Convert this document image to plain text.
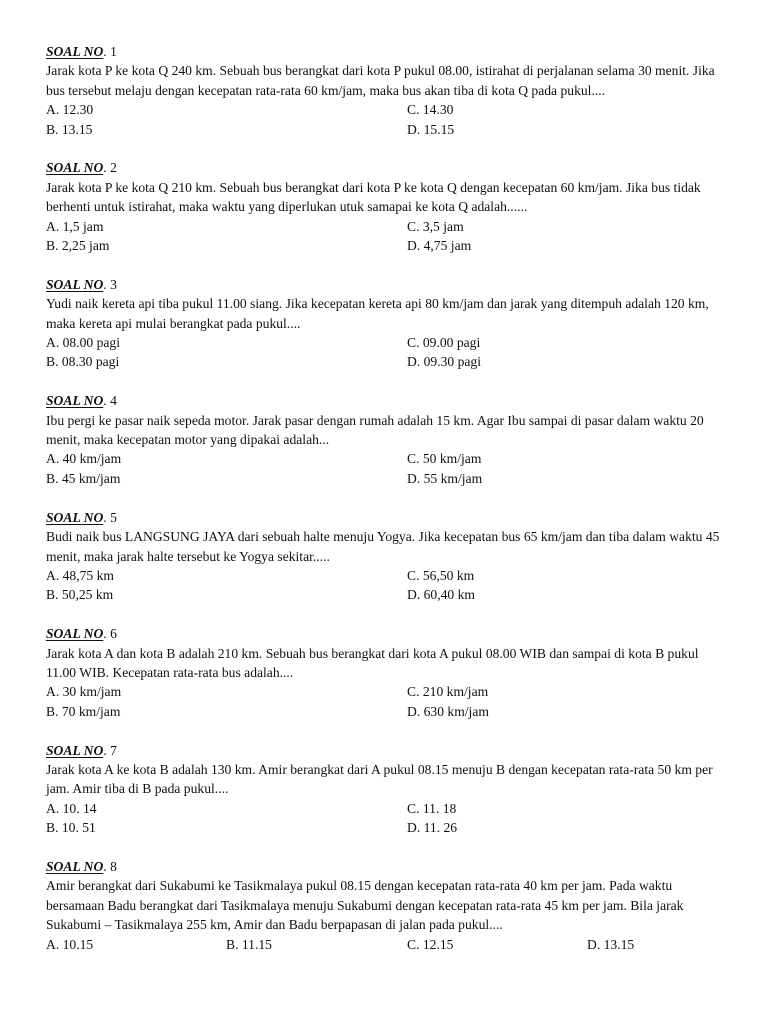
SOAL NO. 1

Jarak kota P ke kota Q 240 km. Sebuah bus berangkat dari kota P pukul 08.00, istirahat di perjalanan selama 30 menit. Jika bus tersebut melaju dengan kecepatan rata-rata 60 km/jam, maka bus akan tiba di kota Q pada pukul....

A. 12.30	C. 14.30
B. 13.15	D. 15.15
SOAL NO. 2

Jarak kota P ke kota Q 210 km. Sebuah bus berangkat dari kota P ke kota Q dengan kecepatan 60 km/jam. Jika bus tidak berhenti untuk istirahat, maka waktu yang diperlukan utuk samapai ke kota Q adalah......

A. 1,5 jam	C. 3,5 jam
B. 2,25 jam	D. 4,75 jam
SOAL NO. 3

Yudi naik kereta api tiba pukul 11.00 siang. Jika kecepatan kereta api 80 km/jam dan jarak yang ditempuh adalah 120 km, maka kereta api mulai berangkat pada pukul....

A. 08.00 pagi	C. 09.00 pagi
B. 08.30 pagi	D. 09.30 pagi
SOAL NO. 4

Ibu pergi ke pasar naik sepeda motor. Jarak pasar dengan rumah adalah 15 km. Agar Ibu sampai di pasar dalam waktu 20 menit, maka kecepatan motor yang dipakai adalah...

A. 40 km/jam	C. 50 km/jam
B. 45 km/jam	D. 55 km/jam
SOAL NO. 5

Budi naik bus LANGSUNG JAYA dari sebuah halte menuju Yogya. Jika kecepatan bus 65 km/jam dan tiba dalam waktu 45 menit, maka jarak halte tersebut ke Yogya sekitar.....

A. 48,75 km	C. 56,50 km
B. 50,25 km	D. 60,40 km
SOAL NO. 6

Jarak kota A dan kota B adalah 210 km. Sebuah bus berangkat dari kota A pukul 08.00 WIB dan sampai di kota B pukul 11.00 WIB. Kecepatan rata-rata bus adalah....

A. 30 km/jam	C. 210 km/jam
B. 70 km/jam	D. 630 km/jam
SOAL NO. 7

Jarak kota A ke kota B adalah 130 km. Amir berangkat dari A pukul 08.15 menuju B dengan kecepatan rata-rata 50 km per jam. Amir tiba di B pada pukul....

A. 10. 14	C. 11. 18
B. 10. 51	D. 11. 26
SOAL NO. 8

Amir berangkat dari Sukabumi ke Tasikmalaya pukul 08.15 dengan kecepatan rata-rata 40 km per jam. Pada waktu bersamaan Badu berangkat dari Tasikmalaya menuju Sukabumi dengan kecepatan rata-rata 45 km per jam. Bila jarak Sukabumi – Tasikmalaya 255 km, Amir dan Badu berpapasan di jalan pada pukul....

A. 10.15	B. 11.15	C. 12.15	D. 13.15
